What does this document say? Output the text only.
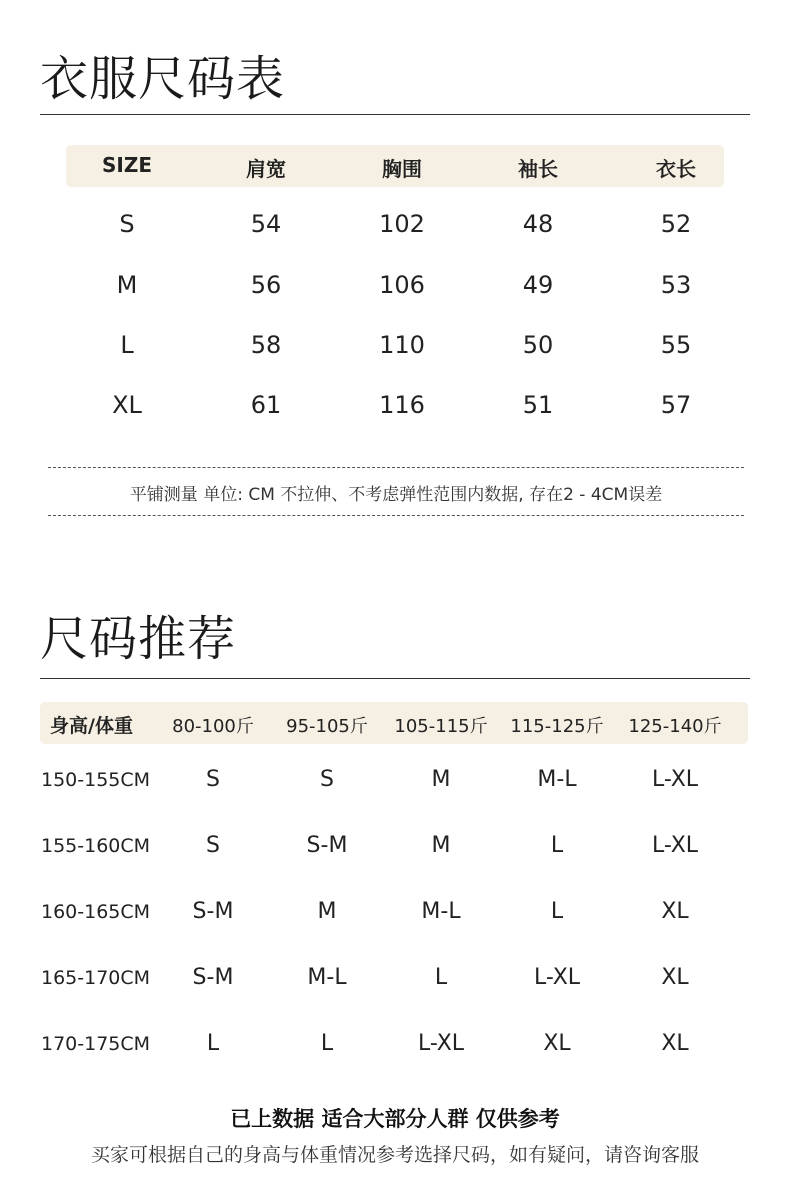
衣服尺码表
SIZE	肩宽	胸围	袖长	衣长
S	54	102	48	52
M	56	106	49	53
L	58	110	50	55
XL	61	116	51	57
平铺测量 单位: CM 不拉伸、不考虑弹性范围内数据, 存在2 - 4CM误差
尺码推荐
身高/体重 80-100斤 95-105斤 105-115斤 115-125斤 125-140斤
150-155CM	S	S	M	M-L	L-XL
155-160CM	S	S-M	M	L	L-XL
160-165CM S-M	M	M-L	L	XL
165-170CM S-M	M-L	L	L-XL	XL
170-175CM	L	L	L-XL	XL	XL
已上数据 适合大部分人群 仅供参考
买家可根据自己的身高与体重情况参考选择尺码，如有疑问，请咨询客服
